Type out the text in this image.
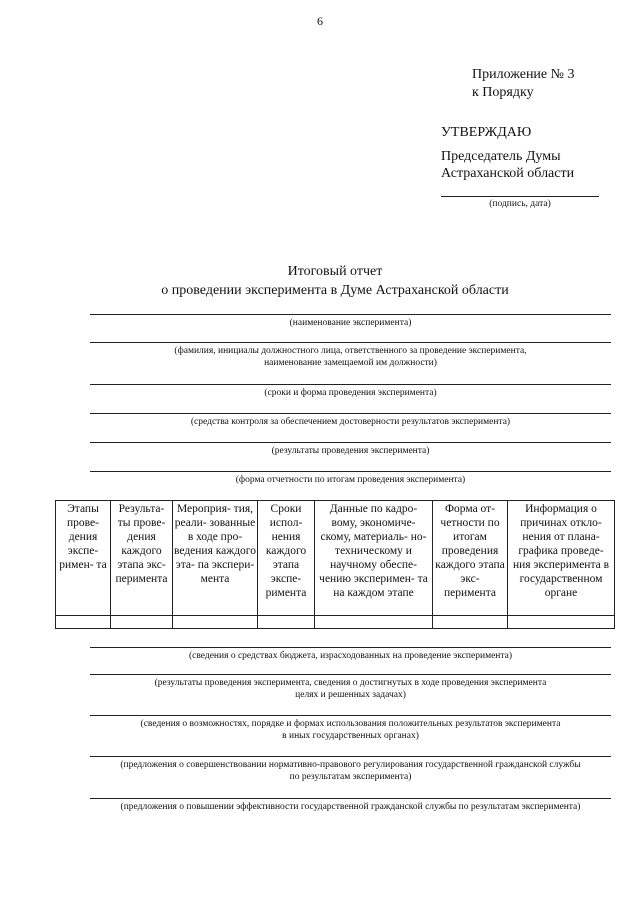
6
Приложение № 3
к Порядку
УТВЕРЖДАЮ
Председатель Думы
Астраханской области
(подпись, дата)
Итоговый отчет
о проведении эксперимента в Думе Астраханской области
(наименование эксперимента)
(фамилия, инициалы должностного лица, ответственного за проведение эксперимента,
наименование замещаемой им должности)
(сроки и форма проведения эксперимента)
(средства контроля за обеспечением достоверности результатов эксперимента)
(результаты проведения эксперимента)
(форма отчетности по итогам проведения эксперимента)
Этапы прове- дения экспе- римен- та	Результа- ты прове- дения каждого этапа экс- перимента	Мероприя- тия, реали- зованные в ходе про- ведения каждого эта- па экспери- мента	Сроки испол- нения каждого этапа экспе- римента	Данные по кадро- вому, экономиче- скому, материаль- но-техническому и научному обеспе- чению эксперимен- та на каждом этапе	Форма от- четности по итогам проведения каждого этапа экс- перимента	Информация о причинах откло- нения от плана- графика проведе- ния эксперимента в государственном органе

(сведения о средствах бюджета, израсходованных на проведение эксперимента)
(результаты проведения эксперимента, сведения о достигнутых в ходе проведения эксперимента
целях и решенных задачах)
(сведения о возможностях, порядке и формах использования положительных результатов эксперимента
в иных государственных органах)
(предложения о совершенствовании нормативно-правового регулирования государственной гражданской службы
по результатам эксперимента)
(предложения о повышении эффективности государственной гражданской службы по результатам эксперимента)
